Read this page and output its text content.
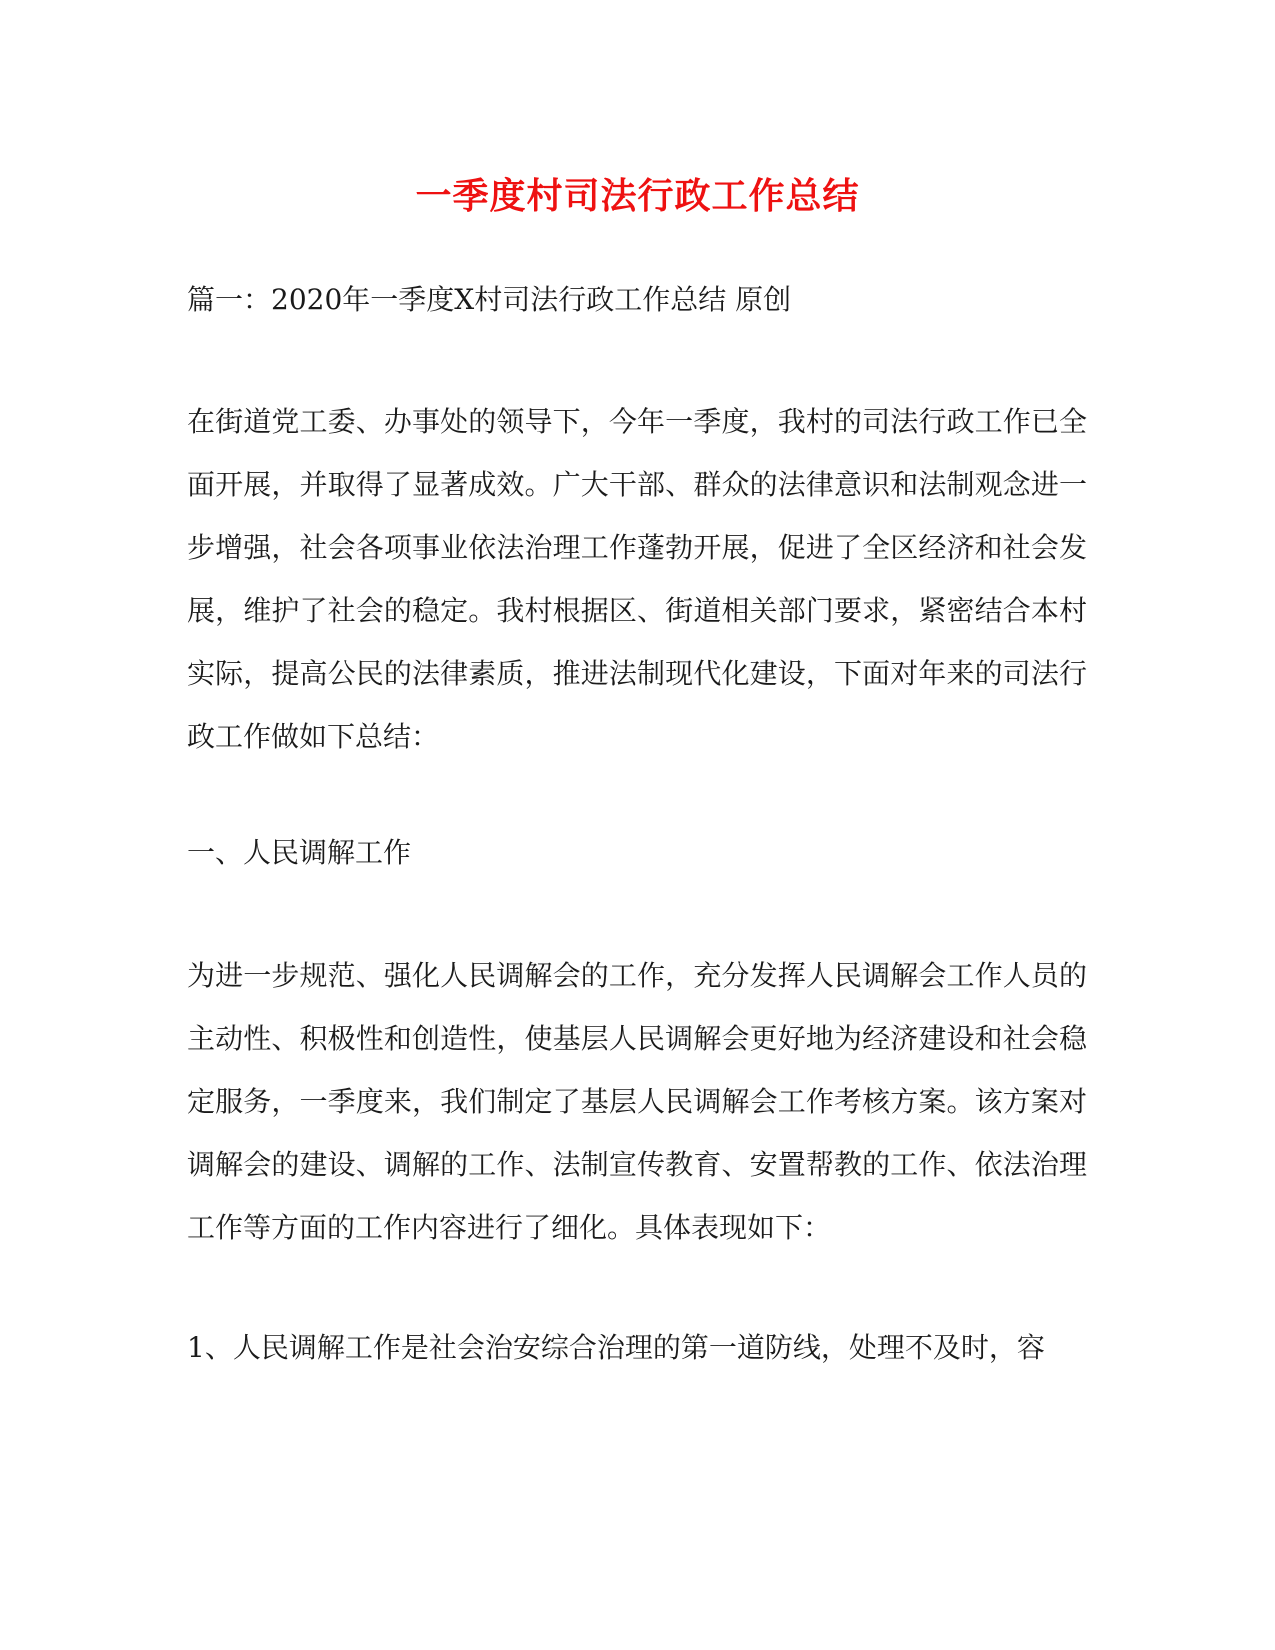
一季度村司法行政工作总结

篇一：2020年一季度X村司法行政工作总结 原创

在街道党工委、办事处的领导下，今年一季度，我村的司法行政工作已全面开展，并取得了显著成效。广大干部、群众的法律意识和法制观念进一步增强，社会各项事业依法治理工作蓬勃开展，促进了全区经济和社会发展，维护了社会的稳定。我村根据区、街道相关部门要求，紧密结合本村实际，提高公民的法律素质，推进法制现代化建设，下面对年来的司法行政工作做如下总结：

一、人民调解工作

为进一步规范、强化人民调解会的工作，充分发挥人民调解会工作人员的主动性、积极性和创造性，使基层人民调解会更好地为经济建设和社会稳定服务，一季度来，我们制定了基层人民调解会工作考核方案。该方案对调解会的建设、调解的工作、法制宣传教育、安置帮教的工作、依法治理工作等方面的工作内容进行了细化。具体表现如下：

1、人民调解工作是社会治安综合治理的第一道防线，处理不及时，容
